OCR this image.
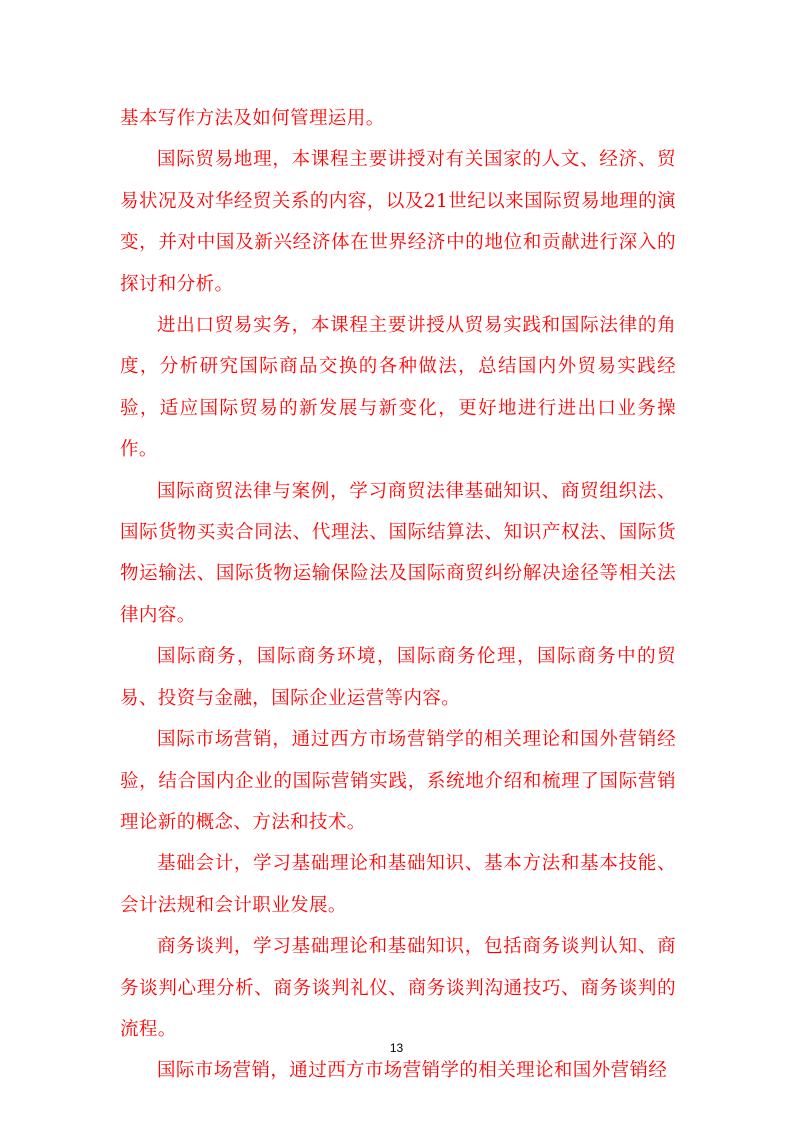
基本写作方法及如何管理运用。

国际贸易地理，本课程主要讲授对有关国家的人文、经济、贸易状况及对华经贸关系的内容，以及21世纪以来国际贸易地理的演变，并对中国及新兴经济体在世界经济中的地位和贡献进行深入的探讨和分析。

进出口贸易实务，本课程主要讲授从贸易实践和国际法律的角度，分析研究国际商品交换的各种做法，总结国内外贸易实践经验，适应国际贸易的新发展与新变化，更好地进行进出口业务操作。

国际商贸法律与案例，学习商贸法律基础知识、商贸组织法、国际货物买卖合同法、代理法、国际结算法、知识产权法、国际货物运输法、国际货物运输保险法及国际商贸纠纷解决途径等相关法律内容。

国际商务，国际商务环境，国际商务伦理，国际商务中的贸易、投资与金融，国际企业运营等内容。

国际市场营销，通过西方市场营销学的相关理论和国外营销经验，结合国内企业的国际营销实践，系统地介绍和梳理了国际营销理论新的概念、方法和技术。

基础会计，学习基础理论和基础知识、基本方法和基本技能、会计法规和会计职业发展。

商务谈判，学习基础理论和基础知识，包括商务谈判认知、商务谈判心理分析、商务谈判礼仪、商务谈判沟通技巧、商务谈判的流程。

国际市场营销，通过西方市场营销学的相关理论和国外营销经

13
